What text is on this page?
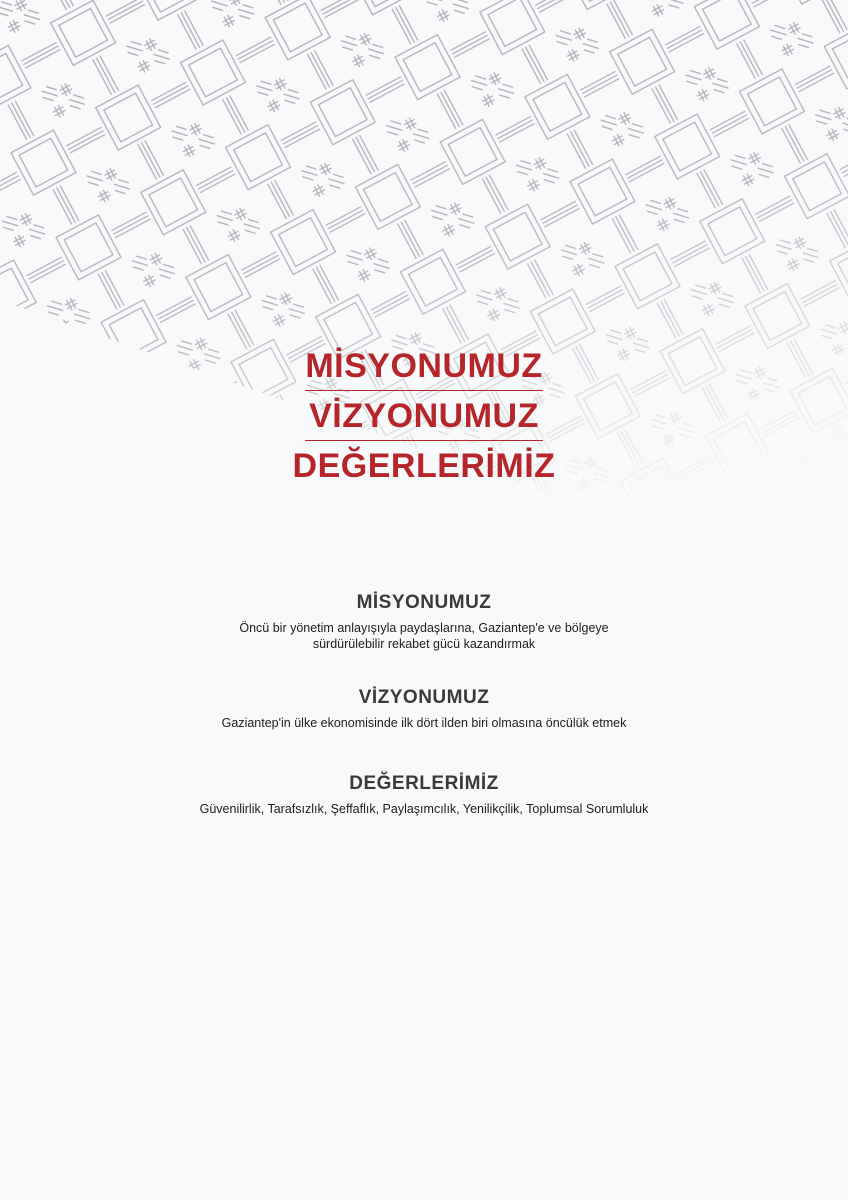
MİSYONUMUZ
VİZYONUMUZ
DEĞERLERİMİZ
MİSYONUMUZ
Öncü bir yönetim anlayışıyla paydaşlarına, Gaziantep'e ve bölgeye
sürdürülebilir rekabet gücü kazandırmak
VİZYONUMUZ
Gaziantep'in ülke ekonomisinde ilk dört ilden biri olmasına öncülük etmek
DEĞERLERİMİZ
Güvenilirlik, Tarafsızlık, Şeffaflık, Paylaşımcılık, Yenilikçilik, Toplumsal Sorumluluk
